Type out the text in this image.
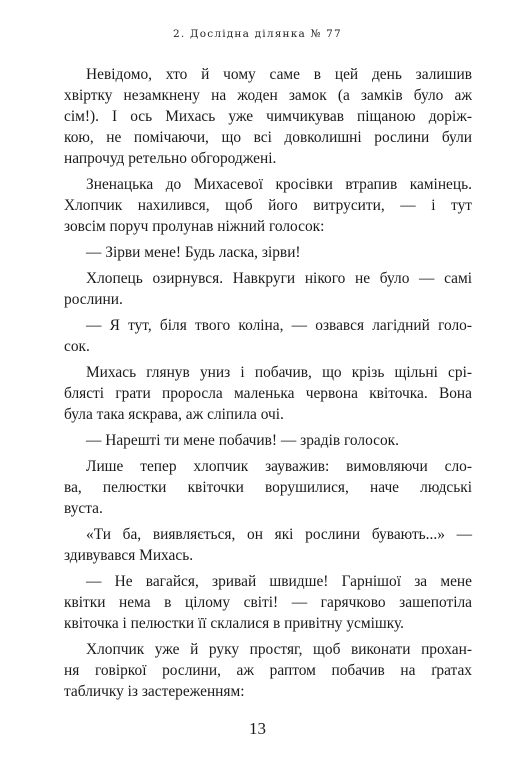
2. Дослідна ділянка № 77
Невідомо, хто й чому саме в цей день залишив
хвіртку незамкнену на жоден замок (а замків було аж
сім!). І ось Михась уже чимчикував піщаною доріж-
кою, не помічаючи, що всі довколишні рослини були
напрочуд ретельно обгороджені.
Зненацька до Михасевої кросівки втрапив камінець.
Хлопчик нахилився, щоб його витрусити, — і тут
зовсім поруч пролунав ніжний голосок:
— Зірви мене! Будь ласка, зірви!
Хлопець озирнувся. Навкруги нікого не було — самі
рослини.
— Я тут, біля твого коліна, — озвався лагідний голо-
сок.
Михась глянув униз і побачив, що крізь щільні срі-
блясті грати проросла маленька червона квіточка. Вона
була така яскрава, аж сліпила очі.
— Нарешті ти мене побачив! — зрадів голосок.
Лише тепер хлопчик зауважив: вимовляючи сло-
ва, пелюстки квіточки ворушилися, наче людські
вуста.
«Ти ба, виявляється, он які рослини бувають...» —
здивувався Михась.
— Не вагайся, зривай швидше! Гарнішої за мене
квітки нема в цілому світі! — гарячково зашепотіла
квіточка і пелюстки її склалися в привітну усмішку.
Хлопчик уже й руку простяг, щоб виконати прохан-
ня говіркої рослини, аж раптом побачив на ґратах
табличку із застереженням:
13
